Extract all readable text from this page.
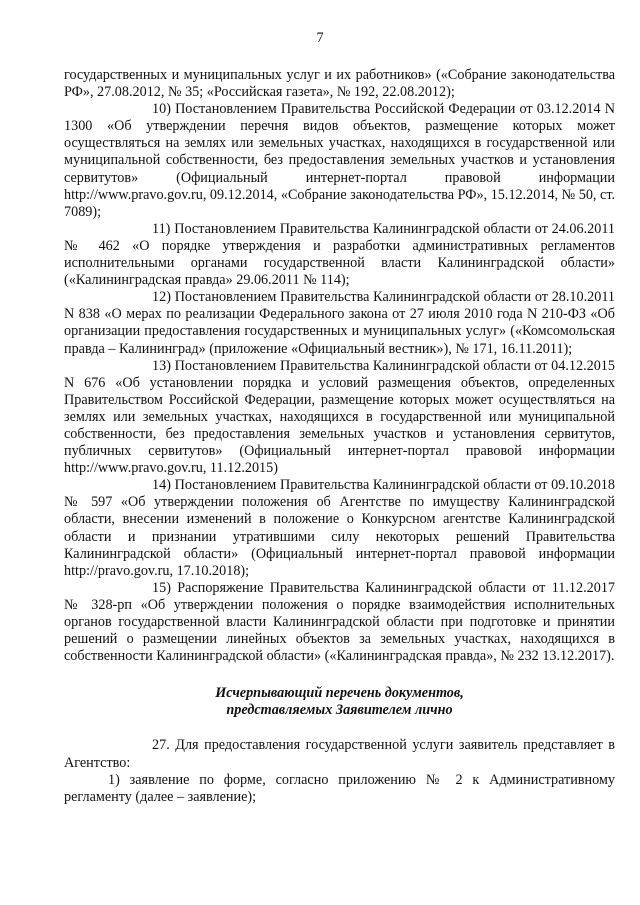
7

государственных и муниципальных услуг и их работников» («Собрание законодательства РФ», 27.08.2012, № 35; «Российская газета», № 192, 22.08.2012);

10) Постановлением Правительства Российской Федерации от 03.12.2014 N 1300 «Об утверждении перечня видов объектов, размещение которых может осуществляться на землях или земельных участках, находящихся в государственной или муниципальной собственности, без предоставления земельных участков и установления сервитутов» (Официальный интернет-портал правовой информации http://www.pravo.gov.ru, 09.12.2014, «Собрание законодательства РФ», 15.12.2014, № 50, ст. 7089);

11) Постановлением Правительства Калининградской области от 24.06.2011 № 462 «О порядке утверждения и разработки административных регламентов исполнительными органами государственной власти Калининградской области» («Калининградская правда» 29.06.2011 № 114);

12) Постановлением Правительства Калининградской области от 28.10.2011 N 838 «О мерах по реализации Федерального закона от 27 июля 2010 года N 210-ФЗ «Об организации предоставления государственных и муниципальных услуг» («Комсомольская правда – Калининград» (приложение «Официальный вестник»), № 171, 16.11.2011);

13) Постановлением Правительства Калининградской области от 04.12.2015 N 676 «Об установлении порядка и условий размещения объектов, определенных Правительством Российской Федерации, размещение которых может осуществляться на землях или земельных участках, находящихся в государственной или муниципальной собственности, без предоставления земельных участков и установления сервитутов, публичных сервитутов» (Официальный интернет-портал правовой информации http://www.pravo.gov.ru, 11.12.2015)

14) Постановлением Правительства Калининградской области от 09.10.2018 № 597 «Об утверждении положения об Агентстве по имуществу Калининградской области, внесении изменений в положение о Конкурсном агентстве Калининградской области и признании утратившими силу некоторых решений Правительства Калининградской области» (Официальный интернет-портал правовой информации http://pravo.gov.ru, 17.10.2018);

15) Распоряжение Правительства Калининградской области от 11.12.2017 № 328-рп «Об утверждении положения о порядке взаимодействия исполнительных органов государственной власти Калининградской области при подготовке и принятии решений о размещении линейных объектов за земельных участках, находящихся в собственности Калининградской области» («Калининградская правда», № 232 13.12.2017).

Исчерпывающий перечень документов,
представляемых Заявителем лично

27. Для предоставления государственной услуги заявитель представляет в Агентство:

1) заявление по форме, согласно приложению № 2 к Административному регламенту (далее – заявление);
